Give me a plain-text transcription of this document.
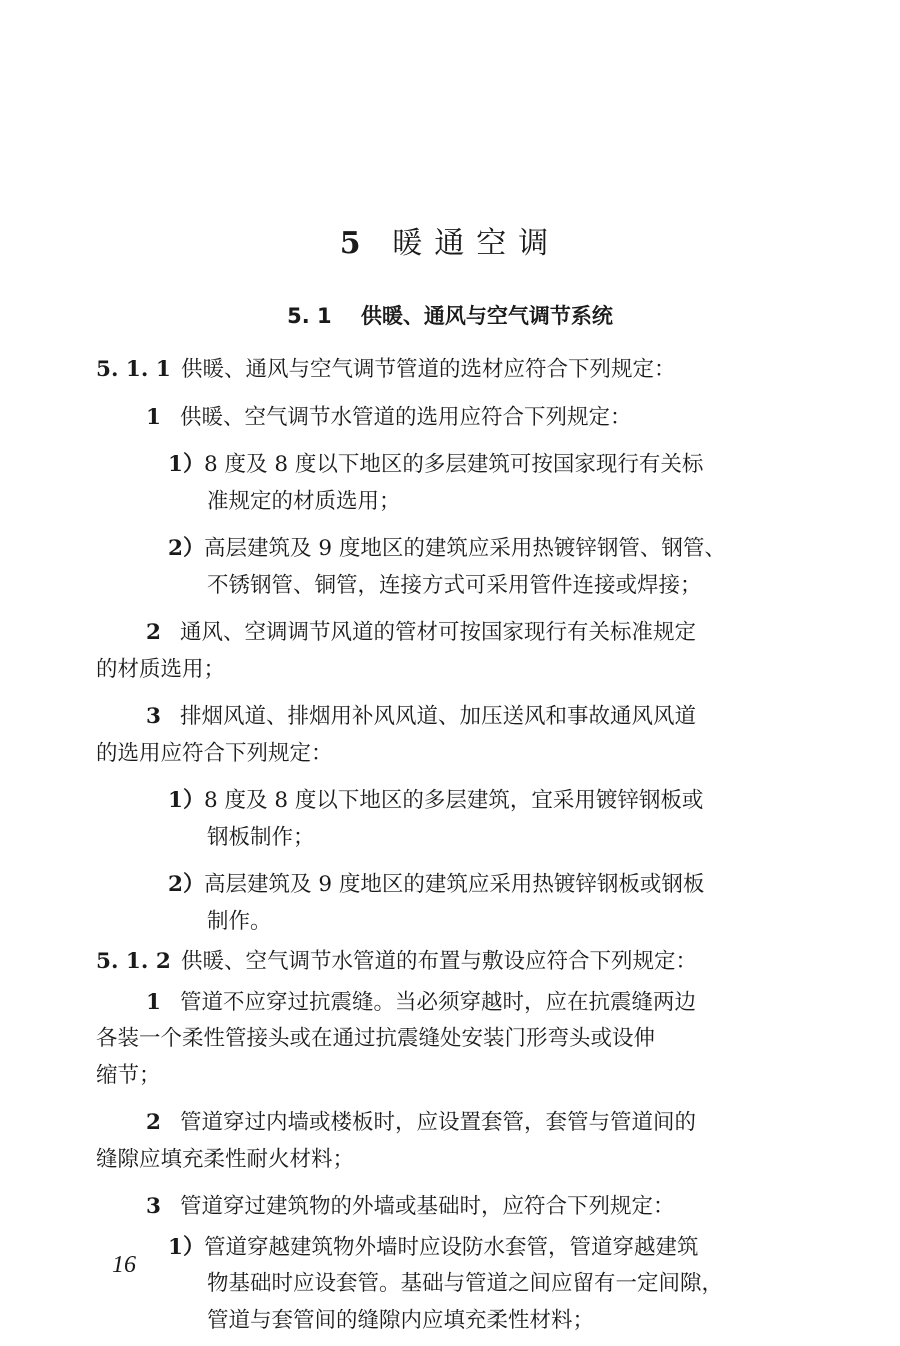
5 暖通空调
5. 1 供暖、通风与空气调节系统
5. 1. 1 供暖、通风与空气调节管道的选材应符合下列规定：
1 供暖、空气调节水管道的选用应符合下列规定：
1）8 度及 8 度以下地区的多层建筑可按国家现行有关标
准规定的材质选用；
2）高层建筑及 9 度地区的建筑应采用热镀锌钢管、钢管、
不锈钢管、铜管，连接方式可采用管件连接或焊接；
2 通风、空调调节风道的管材可按国家现行有关标准规定
的材质选用；
3 排烟风道、排烟用补风风道、加压送风和事故通风风道
的选用应符合下列规定：
1）8 度及 8 度以下地区的多层建筑，宜采用镀锌钢板或
钢板制作；
2）高层建筑及 9 度地区的建筑应采用热镀锌钢板或钢板
制作。
5. 1. 2 供暖、空气调节水管道的布置与敷设应符合下列规定：
1 管道不应穿过抗震缝。当必须穿越时，应在抗震缝两边
各装一个柔性管接头或在通过抗震缝处安装门形弯头或设伸
缩节；
2 管道穿过内墙或楼板时，应设置套管，套管与管道间的
缝隙应填充柔性耐火材料；
3 管道穿过建筑物的外墙或基础时，应符合下列规定：
1）管道穿越建筑物外墙时应设防水套管，管道穿越建筑
物基础时应设套管。基础与管道之间应留有一定间隙，
管道与套管间的缝隙内应填充柔性材料；
16
